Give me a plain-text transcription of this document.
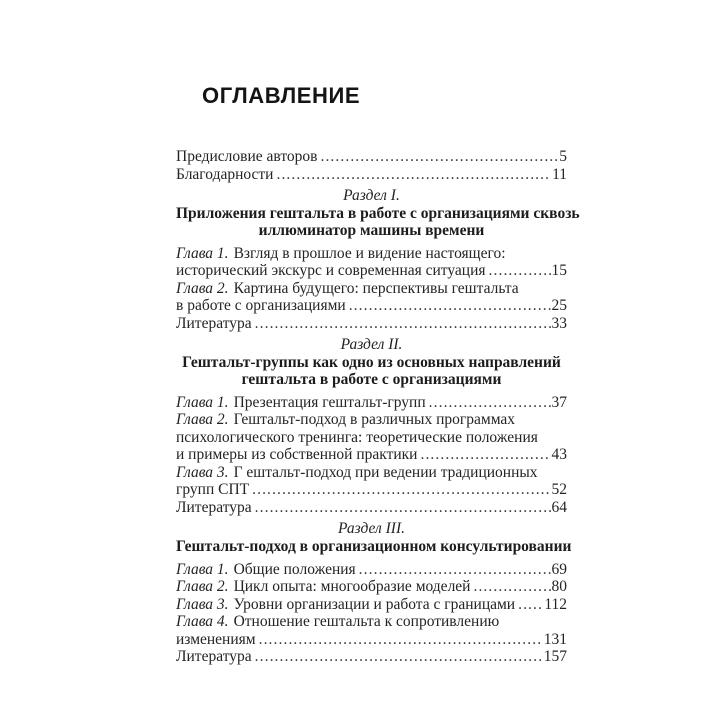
ОГЛАВЛЕНИЕ
Предисловие авторов .....	5
Благодарности .....	11
Раздел I.
Приложения гештальта в работе с организациями сквозь
иллюминатор машины времени
Глава 1. Взгляд в прошлое и видение настоящего:
исторический экскурс и современная ситуация .....	15
Глава 2. Картина будущего: перспективы гештальта
в работе с организациями .....	25
Литература .....	33
Раздел II.
Гештальт-группы как одно из основных направлений
гештальта в работе с организациями
Глава 1. Презентация гештальт-групп .....	37
Глава 2. Гештальт-подход в различных программах
психологического тренинга: теоретические положения
и примеры из собственной практики .....	43
Глава 3. Г ештальт-подход при ведении традиционных
групп СПТ .....	52
Литература .....	64
Раздел III.
Гештальт-подход в организационном консультировании
Глава 1. Общие положения .....	69
Глава 2. Цикл опыта: многообразие моделей .....	80
Глава 3. Уровни организации и работа с границами ..... 112
Глава 4. Отношение гештальта к сопротивлению
изменениям .....	131
Литература .....	157
